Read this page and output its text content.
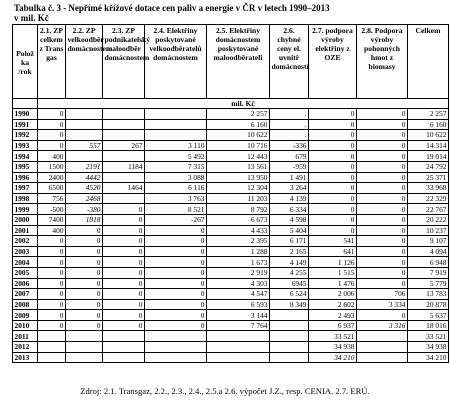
Tabulka č. 3 - Nepřímé křížové dotace cen paliv a energie v ČR v letech 1990–2013
v mil. Kč
Polož ka /rok	2.1. ZP celkem z Trans gas	2.2. ZP velkoodběr domácnostem	2.3. ZP podnikatelský maloodběr domácnostem	2.4. Elektřiny poskytované velkoodběratelů domácnostem	2.5. Elektřiny domácnostem poskytované maloodběrateli	2.6. chybné ceny el. uvnitř domácností	2.7. podpora výroby elektřiny z OZE	2.8. Podpora výroby pohonných hmot z biomasy	Celkem
	mil. Kč								
1990	0				2 257	.	0	0	2 257
1991	0				6 160	.	0	0	6 160
1992	0				10 622	.	0	0	10 622
1993	0	557	267	3 110	10 716	-336	0	0	14 314
1994	400			5 492	12 443	679	0	0	19 014
1995	1500	2191	1184	7 315	13 561	-959	0	0	24 792
1996	2400	4442		3 088	13 950	1 491	0	0	25 371
1997	6500	4520	1464	6 116	12 304	3 264	0	0	33 968
1998	756	2468		3 763	11 203	4 139	0	0	22 329
1999	-500	-380	0	8 521	8 792	6 334	0	0	22 767
2000	7400	1818	0	-267	6 673	4 598	0	0	20 222
2001	400	0	0	0	4 433	5 404	0	0	10 237
2002	0	0	0	0	2 395	6 171	541	0	9 107
2003	0	0	0	0	1 288	2 165	641	0	4 094
2004	0	0	0	0	1 673	4 149	1 126	0	6 948
2005	0	0	0	0	2 919	4 255	1 515	0	7 919
2006	0	0	0	0	4 303	6945	1 476	0	5 779
2007	0	0	0	0	4 547	6 524	2 006	706	13 783
2008	0	0	0	0	6 593	8 349	2 602	3 334	20 878
2009	0	0	0	0	3 144		2 493	0	5 637
2010	0	0	0	0	7 764		6 937	3 316	18 016
2011							33 521		33 521
2012							34 938		34 938
2013							34 210		34 210
Zdroj: 2.1. Transgaz, 2.2., 2.3., 2.4., 2.5.a 2.6. výpočet J.Z., resp. CENIA. 2.7. ERÚ.
